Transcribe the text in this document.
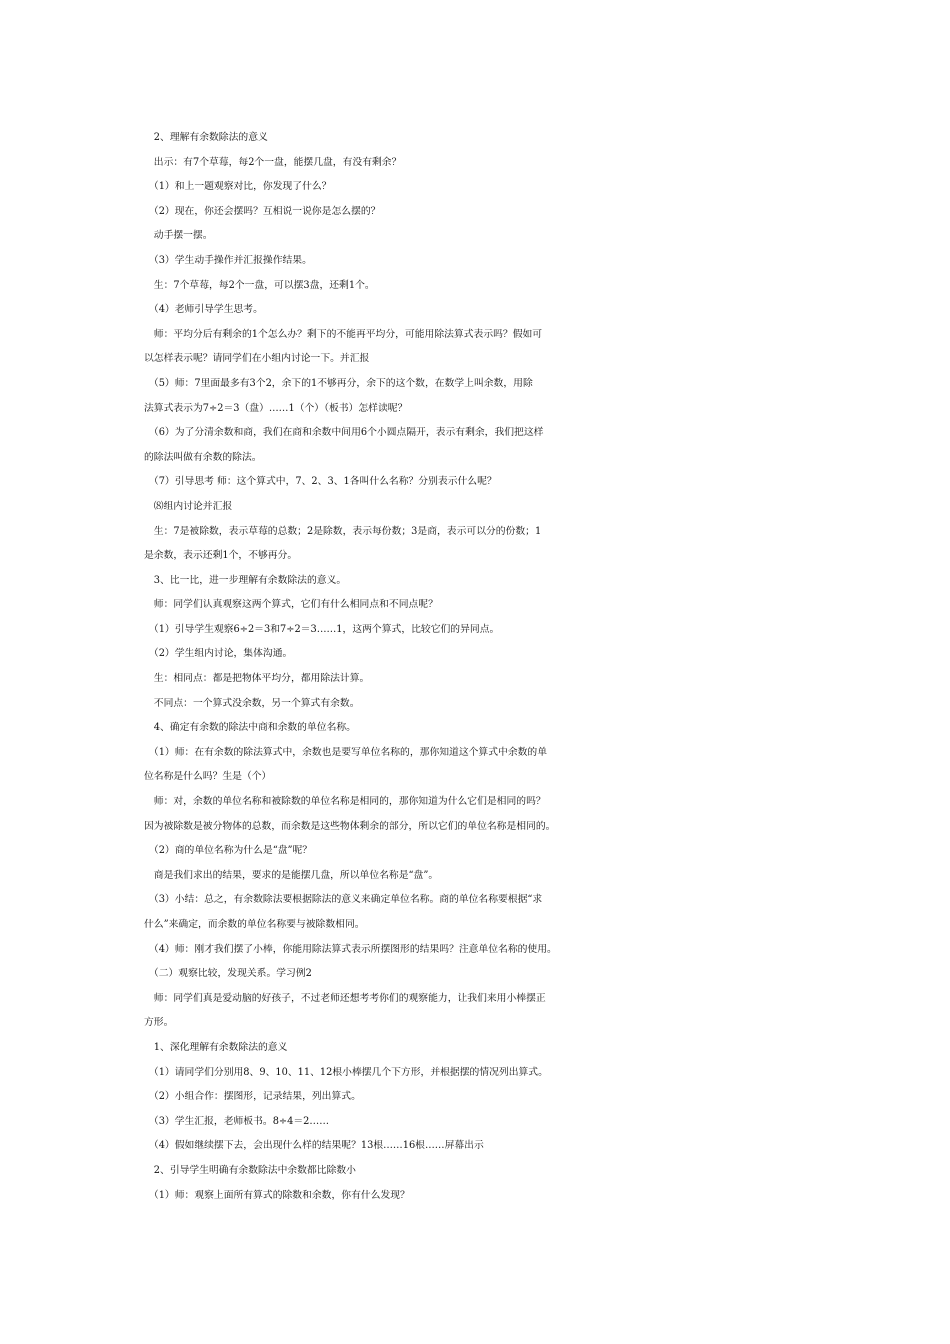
　2、理解有余数除法的意义
　出示：有7个草莓，每2个一盘，能摆几盘，有没有剩余？
　（1）和上一题观察对比，你发现了什么？
　（2）现在，你还会摆吗？互相说一说你是怎么摆的？
　动手摆一摆。
　（3）学生动手操作并汇报操作结果。
　生：7个草莓，每2个一盘，可以摆3盘，还剩1个。
　（4）老师引导学生思考。
　师：平均分后有剩余的1个怎么办？剩下的不能再平均分，可能用除法算式表示吗？假如可
以怎样表示呢？请同学们在小组内讨论一下。并汇报
　（5）师：7里面最多有3个2，余下的1不够再分，余下的这个数，在数学上叫余数，用除
法算式表示为7÷2＝3（盘）……1（个）（板书）怎样读呢？
　（6）为了分清余数和商，我们在商和余数中间用6个小圆点隔开，表示有剩余，我们把这样
的除法叫做有余数的除法。
　（7）引导思考 师：这个算式中，7、2、3、1各叫什么名称？分别表示什么呢？
　⑻组内讨论并汇报
　生：7是被除数，表示草莓的总数；2是除数，表示每份数；3是商，表示可以分的份数；1
是余数，表示还剩1个，不够再分。
　3、比一比，进一步理解有余数除法的意义。
　师：同学们认真观察这两个算式，它们有什么相同点和不同点呢？
　（1）引导学生观察6÷2＝3和7÷2＝3……1，这两个算式，比较它们的异同点。
　（2）学生组内讨论，集体沟通。
　生：相同点：都是把物体平均分，都用除法计算。
　不同点：一个算式没余数，另一个算式有余数。
　4、确定有余数的除法中商和余数的单位名称。
　（1）师：在有余数的除法算式中，余数也是要写单位名称的，那你知道这个算式中余数的单
位名称是什么吗？生是（个）
　师：对，余数的单位名称和被除数的单位名称是相同的，那你知道为什么它们是相同的吗？
因为被除数是被分物体的总数，而余数是这些物体剩余的部分，所以它们的单位名称是相同的。
　（2）商的单位名称为什么是“盘”呢？
　商是我们求出的结果，要求的是能摆几盘，所以单位名称是“盘”。
　（3）小结：总之，有余数除法要根据除法的意义来确定单位名称。商的单位名称要根据“求
什么”来确定，而余数的单位名称要与被除数相同。
　（4）师：刚才我们摆了小棒，你能用除法算式表示所摆图形的结果吗？注意单位名称的使用。
　（二）观察比较，发现关系。学习例2
　师：同学们真是爱动脑的好孩子，不过老师还想考考你们的观察能力，让我们来用小棒摆正
方形。
　1、深化理解有余数除法的意义
　（1）请同学们分别用8、9、10、11、12根小棒摆几个下方形，并根据摆的情况列出算式。
　（2）小组合作：摆图形，记录结果，列出算式。
　（3）学生汇报，老师板书。8÷4＝2……
　（4）假如继续摆下去，会出现什么样的结果呢？13根……16根……屏幕出示
　2、引导学生明确有余数除法中余数都比除数小
　（1）师：观察上面所有算式的除数和余数，你有什么发现？
